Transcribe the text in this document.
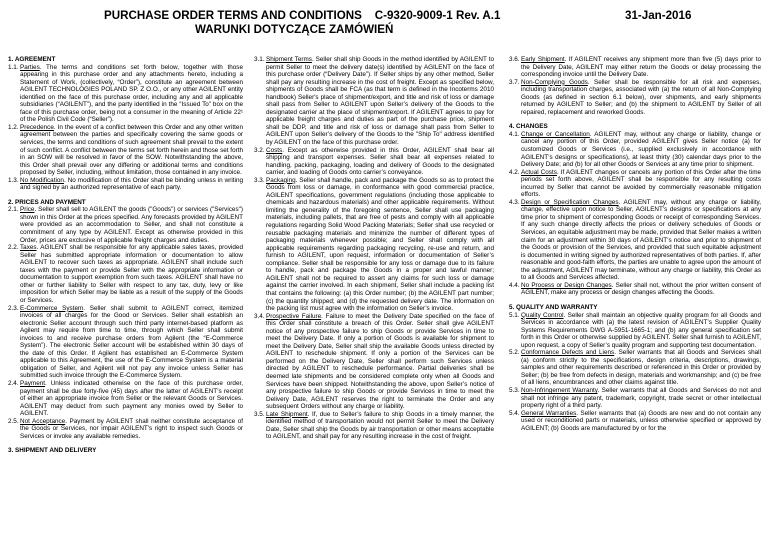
PURCHASE ORDER TERMS AND CONDITIONS    C-9320-9009-1 Rev. A.1
WARUNKI DOTYCZĄCE ZAMÓWIEŃ
31-Jan-2016
1. AGREEMENT

1.1.Parties. The terms and conditions set forth below, together with those appearing in this purchase order and any attachments hereto, including a Statement of Work, (collectively, “Order”), constitute an agreement between AGILENT TECHNOLOGIES POLAND SP. Z O.O., or any other AGILENT entity identified on the face of this purchase order, including any and all applicable subsidiaries (“AGILENT”), and the party identified in the “Issued To” box on the face of this purchase order, being not a consumer in the meaning of Article 22¹ of the Polish Civil Code (“Seller”).

1.2.Precedence. In the event of a conflict between this Order and any other written agreement between the parties and specifically covering the same goods or services, the terms and conditions of such agreement shall prevail to the extent of such conflict. A conflict between the terms set forth herein and those set forth in an SOW will be resolved in favor of the SOW. Notwithstanding the above, this Order shall prevail over any differing or additional terms and conditions proposed by Seller, including, without limitation, those contained in any invoice.

1.3.No Modification. No modification of this Order shall be binding unless in writing and signed by an authorized representative of each party.

2. PRICES AND PAYMENT

2.1.Price. Seller shall sell to AGILENT the goods ("Goods") or services ("Services") shown in this Order at the prices specified. Any forecasts provided by AGILENT were provided as an accommodation to Seller, and shall not constitute a commitment of any type by AGILENT. Except as otherwise provided in this Order, prices are exclusive of applicable freight charges and duties.

2.2.Taxes. AGILENT shall be responsible for any applicable sales taxes, provided Seller has submitted appropriate information or documentation to allow AGILENT to recover such taxes as appropriate. AGILENT shall include such taxes with the payment or provide Seller with the appropriate information or documentation to support exemption from such taxes. AGILENT shall have no other or further liability to Seller with respect to any tax, duty, levy or like imposition for which Seller may be liable as a result of the supply of the Goods or Services.

2.3.E-Commerce System. Seller shall submit to AGILENT correct, itemized invoices of all charges for the Good or Services. Seller shall establish an electronic Seller account through such third party internet-based platform as Agilent may require from time to time, through which Seller shall submit invoices to and receive purchase orders from Agilent (the “E-Commerce System”). The electronic Seller account will be established within 30 days of the date of this Order. If Agilent has established an E-Commerce System applicable to this Agreement, the use of the E-Commerce System is a material obligation of Seller, and Agilent will not pay any invoice unless Seller has submitted such invoice through the E-Commerce System.

2.4.Payment. Unless indicated otherwise on the face of this purchase order, payment shall be due forty-five (45) days after the latter of AGILENT’s receipt of either an appropriate invoice from Seller or the relevant Goods or Services. AGILENT may deduct from such payment any monies owed by Seller to AGILENT.

2.5.Not Acceptance. Payment by AGILENT shall neither constitute acceptance of the Goods or Services, nor impair AGILENT's right to inspect such Goods or Services or invoke any available remedies.

3. SHIPMENT AND DELIVERY

3.1.Shipment Terms. Seller shall ship Goods in the method identified by AGILENT to permit Seller to meet the delivery date(s) identified by AGILENT on the face of this purchase order (“Delivery Date”). If Seller ships by any other method, Seller shall pay any resulting increase in the cost of freight. Except as specified below, shipments of Goods shall be FCA (as that term is defined in the Incoterms 2010 handbook) Seller's place of shipment/export, and title and risk of loss or damage shall pass from Seller to AGILENT upon Seller’s delivery of the Goods to the designated carrier at the place of shipment/export. If AGILENT agrees to pay for applicable freight charges and duties as part of the purchase price, shipment shall be DDP, and title and risk of loss or damage shall pass from Seller to AGILENT upon Seller’s delivery of the Goods to the "Ship To" address identified by AGILENT on the face of this purchase order.

3.2.Costs. Except as otherwise provided in this Order, AGILENT shall bear all shipping and transport expenses. Seller shall bear all expenses related to handling, packing, packaging, loading and delivery of Goods to the designated carrier, and loading of Goods onto carrier’s conveyance.

3.3.Packaging. Seller shall handle, pack and package the Goods so as to protect the Goods from loss or damage, in conformance with good commercial practice, AGILENT specifications, government regulations (including those applicable to chemicals and hazardous materials) and other applicable requirements. Without limiting the generality of the foregoing sentence, Seller shall use packaging materials, including pallets, that are free of pests and comply with all applicable regulations regarding Solid Wood Packing Materials; Seller shall use recycled or reusable packaging materials and minimize the number of different types of packaging materials whenever possible; and Seller shall comply with all applicable requirements regarding packaging recycling, re-use and return, and furnish to AGILENT, upon request, information or documentation of Seller’s compliance. Seller shall be responsible for any loss or damage due to its failure to handle, pack and package the Goods in a proper and lawful manner; AGILENT shall not be required to assert any claims for such loss or damage against the carrier involved. In each shipment, Seller shall include a packing list that contains the following: (a) this Order number; (b) the AGILENT part number; (c) the quantity shipped; and (d) the requested delivery date. The information on the packing list must agree with the information on Seller’s invoice.

3.4.Prospective Failure. Failure to meet the Delivery Date specified on the face of this Order shall constitute a breach of this Order. Seller shall give AGILENT notice of any prospective failure to ship Goods or provide Services in time to meet the Delivery Date. If only a portion of Goods is available for shipment to meet the Delivery Date, Seller shall ship the available Goods unless directed by AGILENT to reschedule shipment. If only a portion of the Services can be performed on the Delivery Date, Seller shall perform such Services unless directed by AGILENT to reschedule performance. Partial deliveries shall be deemed late shipments and be considered complete only when all Goods and Services have been shipped. Notwithstanding the above, upon Seller’s notice of any prospective failure to ship Goods or provide Services in time to meet the Delivery Date, AGILENT reserves the right to terminate the Order and any subsequent Orders without any charge or liability.

3.5.Late Shipment. If, due to Seller’s failure to ship Goods in a timely manner, the identified method of transportation would not permit Seller to meet the Delivery Date, Seller shall ship the Goods by air transportation or other means acceptable to AGILENT, and shall pay for any resulting increase in the cost of freight.

3.6.Early Shipment. If AGILENT receives any shipment more than five (5) days prior to the Delivery Date, AGILENT may either return the Goods or delay processing the corresponding invoice until the Delivery Date.

3.7.Non-Complying Goods. Seller shall be responsible for all risk and expenses, including transportation charges, associated with (a) the return of all Non-Complying Goods (as defined in section 6.1 below), over shipments, and early shipments returned by AGILENT to Seller; and (b) the shipment to AGILENT by Seller of all repaired, replacement and reworked Goods.

4. CHANGES

4.1.Change or Cancellation. AGILENT may, without any charge or liability, change or cancel any portion of this Order, provided AGILENT gives Seller notice (a) for customized Goods or Services (i.e., supplied exclusively in accordance with AGILENT’s designs or specifications), at least thirty (30) calendar days prior to the Delivery Date; and (b) for all other Goods or Services at any time prior to shipment.

4.2.Actual Costs. If AGILENT changes or cancels any portion of this Order after the time periods set forth above, AGILENT shall be responsible for any resulting costs incurred by Seller that cannot be avoided by commercially reasonable mitigation efforts.

4.3.Design or Specification Changes. AGILENT may, without any charge or liability, change, effective upon notice to Seller, AGILENT’s designs or specifications at any time prior to shipment of corresponding Goods or receipt of corresponding Services. If any such change directly affects the prices or delivery schedules of Goods or Services, an equitable adjustment may be made, provided that Seller makes a written claim for an adjustment within 30 days of AGILENT’s notice and prior to shipment of the Goods or provision of the Services, and provided that such equitable adjustment is documented in writing signed by authorized representatives of both parties. If, after reasonable and good-faith efforts, the parties are unable to agree upon the amount of the adjustment, AGILENT may terminate, without any charge or liability, this Order as to all Goods and Services affected.

4.4.No Process or Design Changes. Seller shall not, without the prior written consent of AGILENT, make any process or design changes affecting the Goods.

5. QUALITY AND WARRANTY

5.1.Quality Control. Seller shall maintain an objective quality program for all Goods and Services in accordance with (a) the latest revision of AGILENT’s Supplier Quality Systems Requirements DWG A-5951-1665-1; and (b) any general specification set forth in this Order or otherwise supplied by AGILENT. Seller shall furnish to AGILENT, upon request, a copy of Seller’s quality program and supporting test documentation.

5.2.Conformance Defects and Liens. Seller warrants that all Goods and Services shall (a) conform strictly to the specifications, design criteria, descriptions, drawings, samples and other requirements described or referenced in this Order or provided by Seller; (b) be free from defects in design, materials and workmanship; and (c) be free of all liens, encumbrances and other claims against title.

5.3.Non-Infringement Warranty. Seller warrants that all Goods and Services do not and shall not infringe any patent, trademark, copyright, trade secret or other intellectual property right of a third party.

5.4.General Warranties. Seller warrants that (a) Goods are new and do not contain any used or reconditioned parts or materials, unless otherwise specified or approved by AGILENT; (b) Goods are manufactured by or for the
